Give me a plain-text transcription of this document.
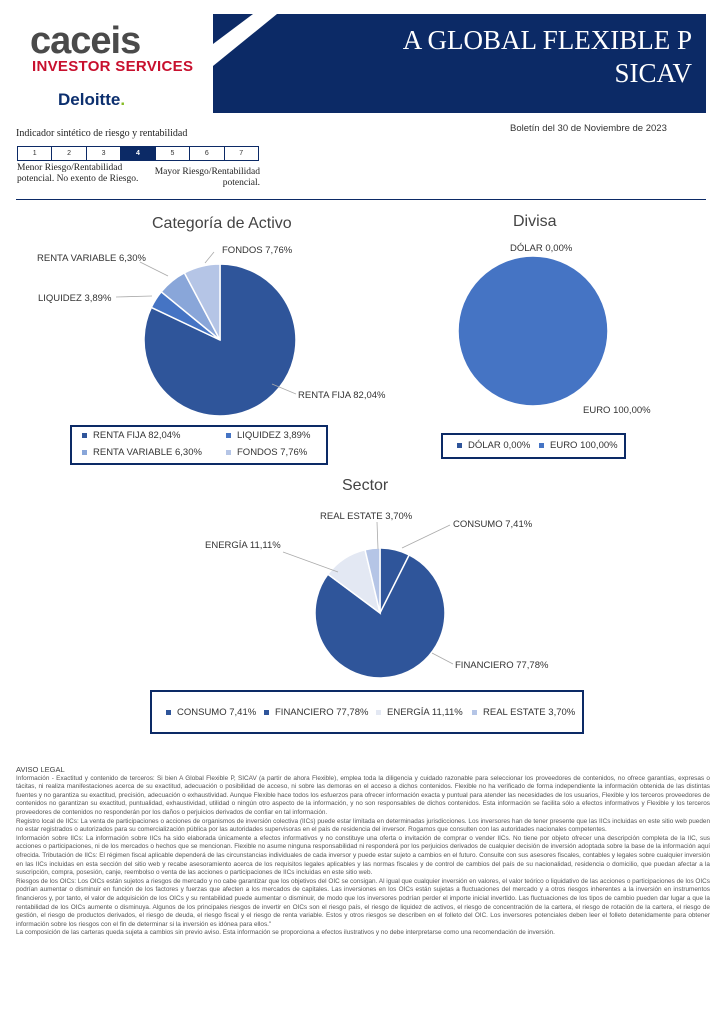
caceis
INVESTOR SERVICES
Deloitte.
A GLOBAL FLEXIBLE P
SICAV
Indicador sintético de riesgo y rentabilidad	Boletín del 30 de Noviembre de 2023
1	2	3	4	5	6	7
Menor Riesgo/Rentabilidad
potencial. No exento de Riesgo.
Mayor Riesgo/Rentabilidad
potencial.
Categoría de Activo
FONDOS 7,76%
RENTA VARIABLE 6,30%
LIQUIDEZ 3,89%
RENTA FIJA 82,04%
RENTA FIJA 82,04%	LIQUIDEZ 3,89%
RENTA VARIABLE 6,30%	FONDOS 7,76%
Divisa
DÓLAR 0,00%
EURO 100,00%
DÓLAR 0,00%	EURO 100,00%
Sector
REAL ESTATE 3,70%
CONSUMO 7,41%
ENERGÍA 11,11%
FINANCIERO 77,78%
CONSUMO 7,41%	FINANCIERO 77,78%	ENERGÍA 11,11%	REAL ESTATE 3,70%

AVISO LEGAL

Información - Exactitud y contenido de terceros: Si bien A Global Flexible P, SICAV (a partir de ahora Flexible), emplea toda la diligencia y cuidado razonable para seleccionar los proveedores de contenidos, no ofrece garantías, expresas o tácitas, ni realiza manifestaciones acerca de su exactitud, adecuación o posibilidad de acceso, ni sobre las demoras en el acceso a dichos contenidos. Flexible no ha verificado de forma independiente la información obtenida de las distintas fuentes y no garantiza su exactitud, precisión, adecuación o exhaustividad. Aunque Flexible hace todos los esfuerzos para ofrecer información exacta y puntual para atender las necesidades de los usuarios, Flexible y los terceros proveedores de contenidos no garantizan su exactitud, puntualidad, exhaustividad, utilidad o ningún otro aspecto de la información, y no son responsables de dichos contenidos. Esta información se facilita sólo a efectos informativos y Flexible y los terceros proveedores de contenidos no responderán por los daños o perjuicios derivados de confiar en tal información.

Registro local de IICs: La venta de participaciones o acciones de organismos de inversión colectiva (IICs) puede estar limitada en determinadas jurisdicciones. Los inversores han de tener presente que las IICs incluidas en este sitio web pueden no estar registrados o autorizados para su comercialización pública por las autoridades supervisoras en el país de residencia del inversor. Rogamos que consulten con las autoridades nacionales competentes.

Información sobre IICs: La información sobre IICs ha sido elaborada únicamente a efectos informativos y no constituye una oferta o invitación de comprar o vender IICs. No tiene por objeto ofrecer una descripción completa de la IIC, sus acciones o participaciones, ni de los mercados o hechos que se mencionan. Flexible no asume ninguna responsabilidad ni responderá por los perjuicios derivados de cualquier decisión de inversión adoptada sobre la base de la información aquí ofrecida. Tributación de IICs: El régimen fiscal aplicable dependerá de las circunstancias individuales de cada inversor y puede estar sujeto a cambios en el futuro. Consulte con sus asesores fiscales, contables y legales sobre cualquier inversión en las IICs incluidas en esta sección del sitio web y recabe asesoramiento acerca de los requisitos legales aplicables y las normas fiscales y de control de cambios del país de su nacionalidad, residencia o domicilio, que puedan afectar a la suscripción, compra, posesión, canje, reembolso o venta de las acciones o participaciones de IICs incluidas en este sitio web.

Riesgos de los OICs: Los OICs están sujetos a riesgos de mercado y no cabe garantizar que los objetivos del OIC se consigan. Al igual que cualquier inversión en valores, el valor teórico o liquidativo de las acciones o participaciones de los OICs podrían aumentar o disminuir en función de los factores y fuerzas que afecten a los mercados de capitales. Las inversiones en los OICs están sujetas a fluctuaciones del mercado y a otros riesgos inherentes a la inversión en instrumentos financieros y, por tanto, el valor de adquisición de los OICs y su rentabilidad puede aumentar o disminuir, de modo que los inversores podrían perder el importe inicial invertido. Las fluctuaciones de los tipos de cambio pueden dar lugar a que la rentabilidad de los OICs aumente o disminuya. Algunos de los principales riesgos de invertir en OICs son el riesgo país, el riesgo de liquidez de activos, el riesgo de concentración de la cartera, el riesgo de rotación de la cartera, el riesgo de gestión, el riesgo de productos derivados, el riesgo de deuda, el riesgo fiscal y el riesgo de renta variable. Estos y otros riesgos se describen en el folleto del OIC. Los inversores potenciales deben leer el folleto detenidamente para obtener información sobre los riesgos con el fin de determinar si la inversión es idónea para ellos."

La composición de las carteras queda sujeta a cambios sin previo aviso. Esta información se proporciona a efectos ilustrativos y no debe interpretarse como una recomendación de inversión.
